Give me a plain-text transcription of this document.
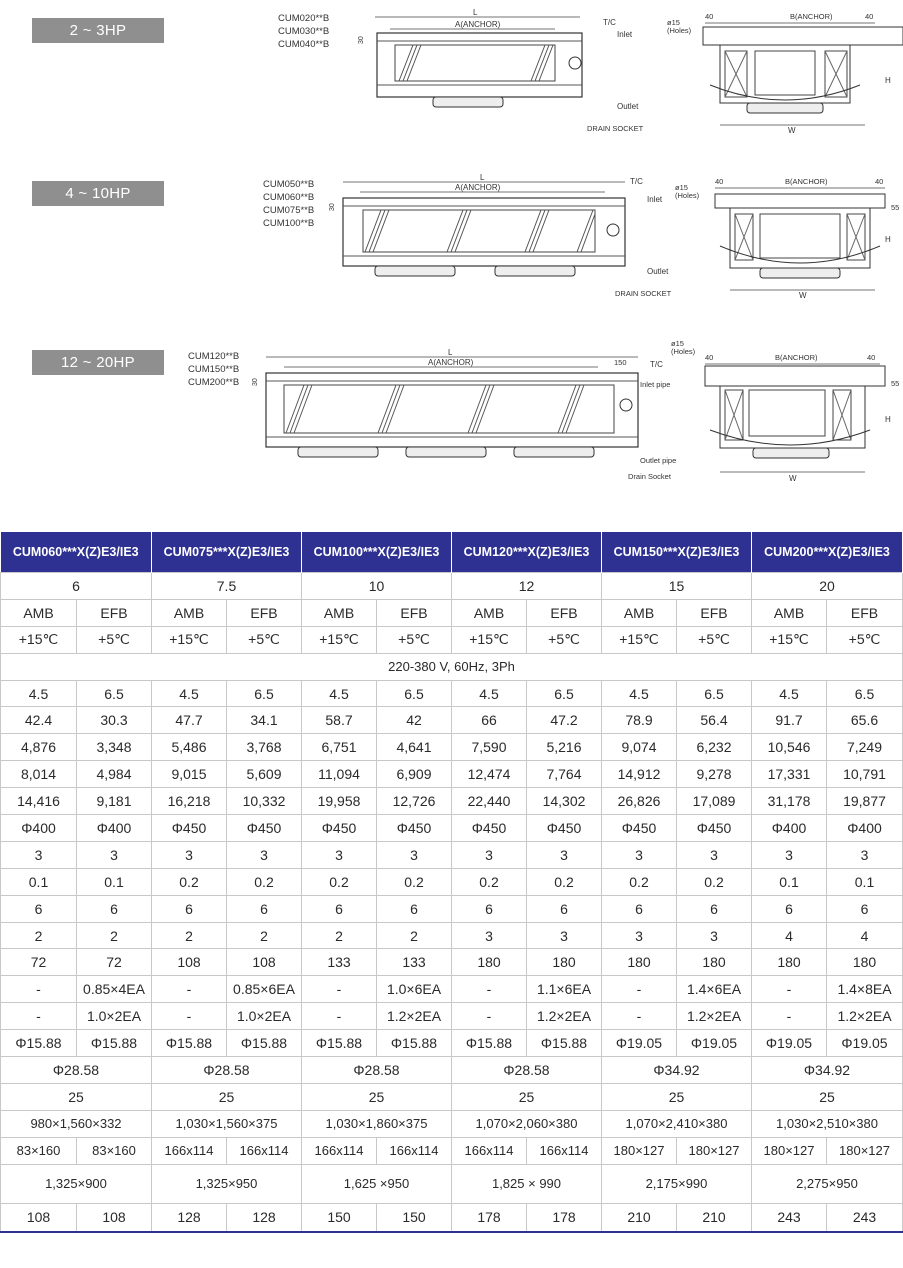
2 ~ 3HP
CUM020**B
CUM030**B
CUM040**B
L
A(ANCHOR)
30
T/C
Inlet
Outlet
DRAIN SOCKET
ø15 (Holes)
40	B(ANCHOR)	40
H
W
4 ~ 10HP
CUM050**B
CUM060**B
CUM075**B
CUM100**B
L
A(ANCHOR)
30
T/C
Inlet
Outlet
DRAIN SOCKET
ø15 (Holes)
40	B(ANCHOR)	40
55
H
W
12 ~ 20HP	CUM120**B
CUM150**B
CUM200**B
L
A(ANCHOR)	150
30
T/C
Inlet pipe
Outlet pipe
Drain Socket
ø15 (Holes)
40	B(ANCHOR)	40
55
H
W
CUM060***X(Z)E3/IE3		CUM075***X(Z)E3/IE3		CUM100***X(Z)E3/IE3		CUM120***X(Z)E3/IE3		CUM150***X(Z)E3/IE3		CUM200***X(Z)E3/IE3	
6		7.5		10		12		15		20	
AMB	EFB	AMB	EFB	AMB	EFB	AMB	EFB	AMB	EFB	AMB	EFB
+15℃	+5℃	+15℃	+5℃	+15℃	+5℃	+15℃	+5℃	+15℃	+5℃	+15℃	+5℃
220-380 V, 60Hz, 3Ph											
4.5	6.5	4.5	6.5	4.5	6.5	4.5	6.5	4.5	6.5	4.5	6.5
42.4	30.3	47.7	34.1	58.7	42	66	47.2	78.9	56.4	91.7	65.6
4,876	3,348	5,486	3,768	6,751	4,641	7,590	5,216	9,074	6,232	10,546	7,249
8,014	4,984	9,015	5,609	11,094	6,909	12,474	7,764	14,912	9,278	17,331	10,791
14,416	9,181	16,218	10,332	19,958	12,726	22,440	14,302	26,826	17,089	31,178	19,877
Φ400	Φ400	Φ450	Φ450	Φ450	Φ450	Φ450	Φ450	Φ450	Φ450	Φ400	Φ400
3	3	3	3	3	3	3	3	3	3	3	3
0.1	0.1	0.2	0.2	0.2	0.2	0.2	0.2	0.2	0.2	0.1	0.1
6	6	6	6	6	6	6	6	6	6	6	6
2	2	2	2	2	2	3	3	3	3	4	4
72	72	108	108	133	133	180	180	180	180	180	180
-	0.85×4EA	-	0.85×6EA	-	1.0×6EA	-	1.1×6EA	-	1.4×6EA	-	1.4×8EA
-	1.0×2EA	-	1.0×2EA	-	1.2×2EA	-	1.2×2EA	-	1.2×2EA	-	1.2×2EA
Φ15.88	Φ15.88	Φ15.88	Φ15.88	Φ15.88	Φ15.88	Φ15.88	Φ15.88	Φ19.05	Φ19.05	Φ19.05	Φ19.05
Φ28.58		Φ28.58		Φ28.58		Φ28.58		Φ34.92		Φ34.92	
25		25		25		25		25		25	
980×1,560×332		1,030×1,560×375		1,030×1,860×375		1,070×2,060×380		1,070×2,410×380		1,030×2,510×380	
83×160	83×160	166x114	166x114	166x114	166x114	166x114	166x114	180×127	180×127	180×127	180×127
1,325×900		1,325×950		1,625 ×950		1,825 × 990		2,175×990		2,275×950	
108	108	128	128	150	150	178	178	210	210	243	243
